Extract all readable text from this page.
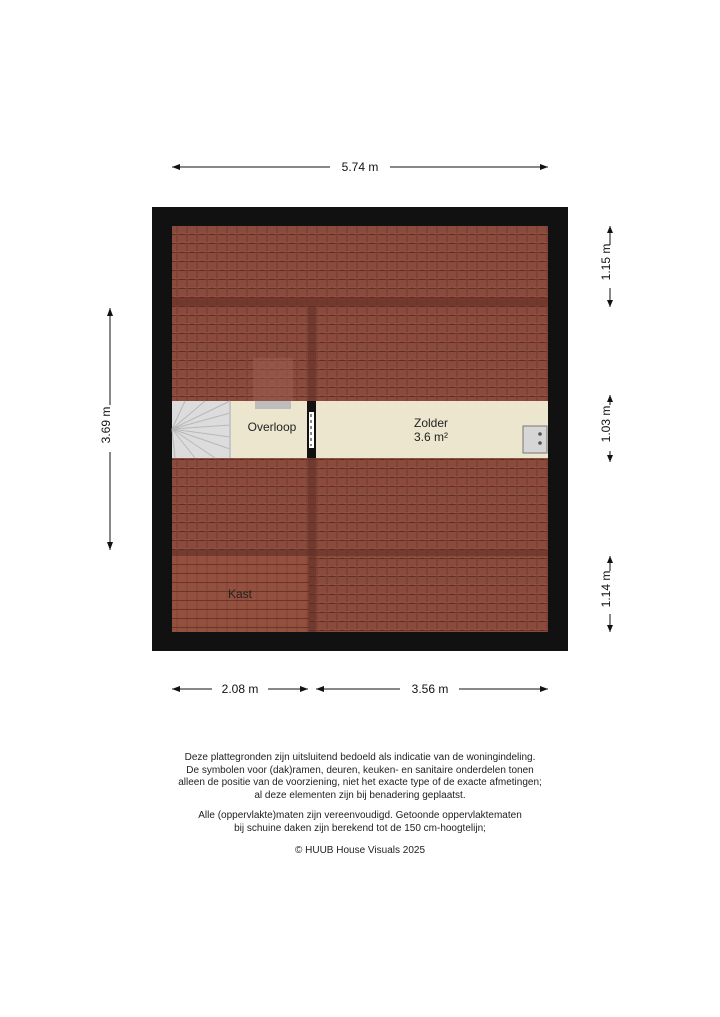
Overloop	Zolder
3.6 m²
Kast
5.74 m
3.69 m
1.15 m
1.03 m
1.14 m
2.08 m	3.56 m

Deze plattegronden zijn uitsluitend bedoeld als indicatie van de woningindeling.

De symbolen voor (dak)ramen, deuren, keuken- en sanitaire onderdelen tonen

alleen de positie van de voorziening, niet het exacte type of de exacte afmetingen;

al deze elementen zijn bij benadering geplaatst.

Alle (oppervlakte)maten zijn vereenvoudigd. Getoonde oppervlaktematen

bij schuine daken zijn berekend tot de 150 cm-hoogtelijn;

© HUUB House Visuals 2025
